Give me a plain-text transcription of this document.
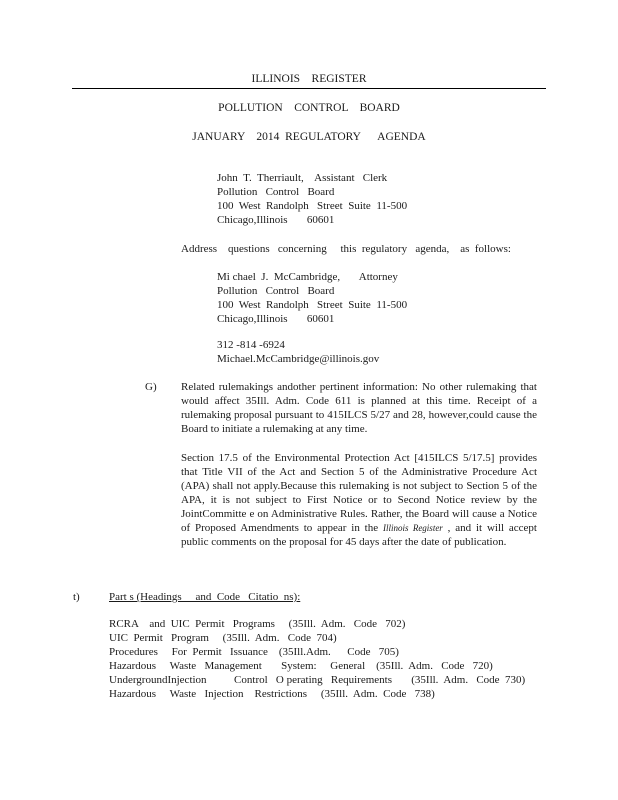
ILLINOIS    REGISTER
POLLUTION    CONTROL    BOARD
JANUARY    2014  REGULATORY      AGENDA
John  T.  Therriault,    Assistant   Clerk
Pollution   Control   Board
100  West  Randolph   Street  Suite  11-500
Chicago,Illinois       60601
Address    questions   concerning     this  regulatory   agenda,    as  follows:
Mi chael  J.  McCambridge,       Attorney
Pollution   Control   Board
100  West  Randolph   Street  Suite  11-500
Chicago,Illinois       60601
312 -814 -6924
Michael.McCambridge@illinois.gov
G) Related rulemakings andother pertinent information: No other rulemaking that would affect 35Ill. Adm. Code 611 is planned at this time. Receipt of a rulemaking proposal pursuant to 415ILCS 5/27 and 28, however,could cause the Board to initiate a rulemaking at any time.

Section 17.5 of the Environmental Protection Act [415ILCS 5/17.5] provides that Title VII of the Act and Section 5 of the Administrative Procedure Act (APA) shall not apply.Because this rulemaking is not subject to Section 5 of the APA, it is not subject to First Notice or to Second Notice review by the JointCommitte e on Administrative Rules. Rather, the Board will cause a Notice of Proposed Amendments to appear in the Illinois Register , and it will accept public comments on the proposal for 45 days after the date of publication.

t)	Part s (Headings     and  Code   Citatio  ns):
RCRA    and  UIC  Permit   Programs     (35Ill.  Adm.   Code   702)
UIC  Permit   Program     (35Ill.  Adm.   Code  704)
Procedures     For  Permit   Issuance    (35Ill.Adm.      Code   705)
Hazardous     Waste   Management       System:     General    (35Ill.  Adm.   Code   720)
UndergroundInjection          Control   O perating   Requirements       (35Ill.  Adm.   Code  730)
Hazardous     Waste   Injection    Restrictions     (35Ill.  Adm.  Code   738)
